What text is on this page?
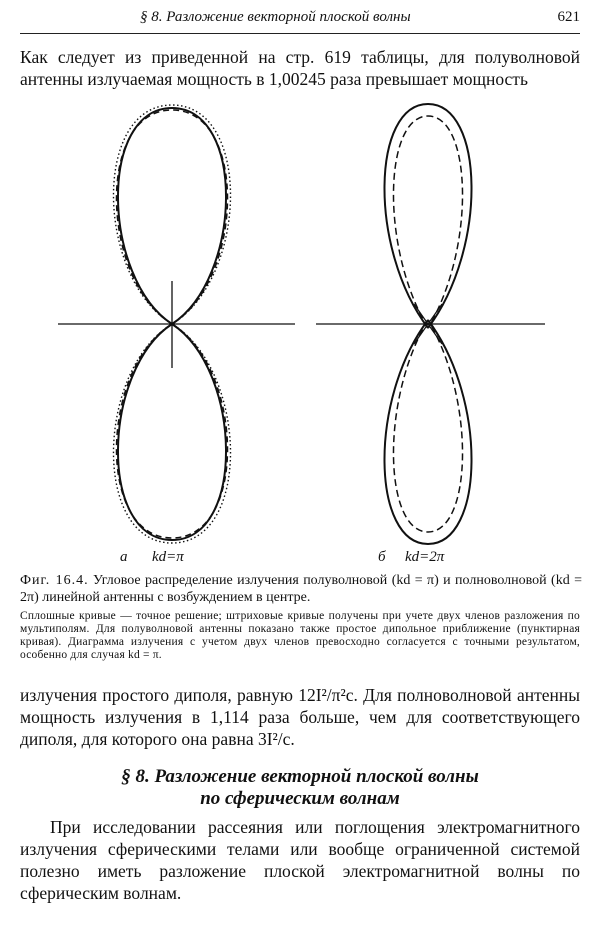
§ 8. Разложение векторной плоской волны	621

Как следует из приведенной на стр. 619 таблицы, для полуволновой антенны излучаемая мощность в 1,00245 раза превышает мощность

а kd=π	б kd=2π

Фиг. 16.4. Угловое распределение излучения полуволновой (kd = π) и полноволновой (kd = 2π) линейной антенны с возбуждением в центре.

Сплошные кривые — точное решение; штриховые кривые получены при учете двух членов разложения по мультиполям. Для полуволновой антенны показано также простое дипольное приближение (пунктирная кривая). Диаграмма излучения с учетом двух членов превосходно согласуется с точными результатом, особенно для случая kd = π.

излучения простого диполя, равную 12I²/π²c. Для полноволновой антенны мощность излучения в 1,114 раза больше, чем для соответствующего диполя, для которого она равна 3I²/c.

§ 8. Разложение векторной плоской волны
по сферическим волнам

При исследовании рассеяния или поглощения электромагнитного излучения сферическими телами или вообще ограниченной системой полезно иметь разложение плоской электромагнитной волны по сферическим волнам.
